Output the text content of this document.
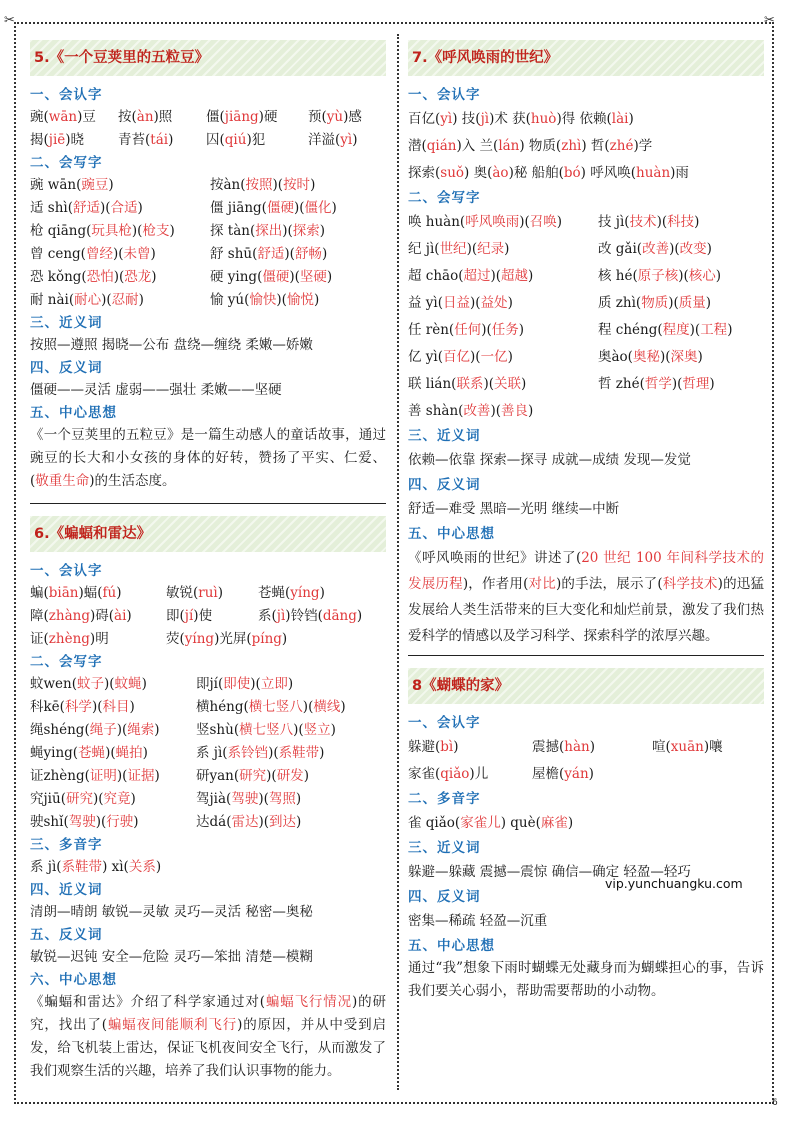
✂	✂
5.《一个豆荚里的五粒豆》
一、会认字
豌(wān)豆	按(àn)照	僵(jiāng)硬	预(yù)感
揭(jiē)晓	青苔(tái)	囚(qiú)犯	洋溢(yì)
二、会写字
豌 wān(豌豆)	按àn(按照)(按时)
适 shì(舒适)(合适)	僵 jiāng(僵硬)(僵化)
枪 qiāng(玩具枪)(枪支)	探 tàn(探出)(探索)
曾 ceng(曾经)(未曾)	舒 shū(舒适)(舒畅)
恐 kǒng(恐怕)(恐龙)	硬 ying(僵硬)(坚硬)
耐 nài(耐心)(忍耐)	愉 yú(愉快)(愉悦)
三、近义词
按照—遵照 揭晓—公布 盘绕—缠绕 柔嫩—娇嫩
四、反义词
僵硬——灵活 虚弱——强壮 柔嫩——坚硬
五、中心思想
《一个豆荚里的五粒豆》是一篇生动感人的童话故事，通过豌豆的长大和小女孩的身体的好转，赞扬了平实、仁爱、(敬重生命)的生活态度。
6.《蝙蝠和雷达》
一、会认字
蝙(biān)蝠(fú)	敏锐(ruì)	苍蝇(yíng)
障(zhàng)碍(ài)	即(jí)使	系(jì)铃铛(dāng)
证(zhèng)明	荧(yíng)光屏(píng)
二、会写字
蚊wen(蚊子)(蚊蝇)	即jí(即使)(立即)
科kē(科学)(科目)	横héng(横七竖八)(横线)
绳shéng(绳子)(绳索)	竖shù(横七竖八)(竖立)
蝇ying(苍蝇)(蝇拍)	系 jì(系铃铛)(系鞋带)
证zhèng(证明)(证据)	研yan(研究)(研发)
究jiū(研究)(究竟)	驾jià(驾驶)(驾照)
驶shǐ(驾驶)(行驶)	达dá(雷达)(到达)
三、多音字
系 jì(系鞋带) xì(关系)
四、近义词
清朗—晴朗 敏锐—灵敏 灵巧—灵活 秘密—奥秘
五、反义词
敏锐—迟钝 安全—危险 灵巧—笨拙 清楚—模糊
六、中心思想
《蝙蝠和雷达》介绍了科学家通过对(蝙蝠飞行情况)的研究，找出了(蝙蝠夜间能顺利飞行)的原因，并从中受到启发，给飞机装上雷达，保证飞机夜间安全飞行，从而激发了我们观察生活的兴趣，培养了我们认识事物的能力。
7.《呼风唤雨的世纪》
一、会认字
百亿(yì) 技(jì)术 获(huò)得 依赖(lài)
潜(qián)入 兰(lán) 物质(zhì) 哲(zhé)学
探索(suǒ) 奥(ào)秘 船舶(bó) 呼风唤(huàn)雨
二、会写字
唤 huàn(呼风唤雨)(召唤)	技 jì(技术)(科技)
纪 jì(世纪)(纪录)	改 gǎi(改善)(改变)
超 chāo(超过)(超越)	核 hé(原子核)(核心)
益 yì(日益)(益处)	质 zhì(物质)(质量)
任 rèn(任何)(任务)	程 chéng(程度)(工程)
亿 yì(百亿)(一亿)	奥ào(奥秘)(深奥)
联 lián(联系)(关联)	哲 zhé(哲学)(哲理)
善 shàn(改善)(善良)
三、近义词
依赖—依靠 探索—探寻 成就—成绩 发现—发觉
四、反义词
舒适—难受 黑暗—光明 继续—中断
五、中心思想
《呼风唤雨的世纪》讲述了(20 世纪 100 年间科学技术的发展历程)，作者用(对比)的手法，展示了(科学技术)的迅猛发展给人类生活带来的巨大变化和灿烂前景，激发了我们热爱科学的情感以及学习科学、探索科学的浓厚兴趣。
8《蝴蝶的家》
一、会认字
躲避(bì)	震撼(hàn)	喧(xuān)嚷
家雀(qiǎo)儿	屋檐(yán)
二、多音字
雀 qiǎo(家雀儿) què(麻雀)
三、近义词
躲避—躲藏 震撼—震惊 确信—确定 轻盈—轻巧
四、反义词
密集—稀疏 轻盈—沉重
五、中心思想
通过“我”想象下雨时蝴蝶无处藏身而为蝴蝶担心的事，告诉我们要关心弱小，帮助需要帮助的小动物。
vip.yunchuangku.com
6
